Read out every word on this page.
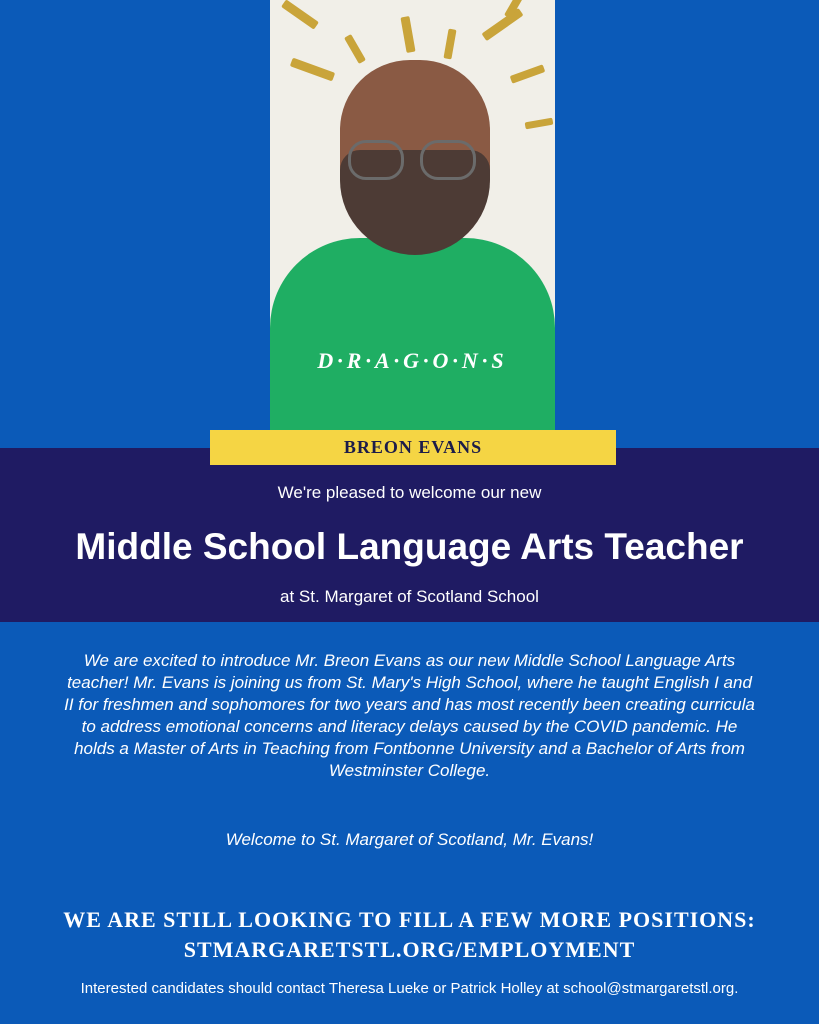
D·R·A·G·O·N·S
BREON EVANS
We're pleased to welcome our new
Middle School Language Arts Teacher
at St. Margaret of Scotland School
We are excited to introduce Mr. Breon Evans as our new Middle School Language Arts teacher! Mr. Evans is joining us from St. Mary's High School, where he taught English I and II for freshmen and sophomores for two years and has most recently been creating curricula to address emotional concerns and literacy delays caused by the COVID pandemic. He holds a Master of Arts in Teaching from Fontbonne University and a Bachelor of Arts from Westminster College.
Welcome to St. Margaret of Scotland, Mr. Evans!
WE ARE STILL LOOKING TO FILL A FEW MORE POSITIONS:
STMARGARETSTL.ORG/EMPLOYMENT
Interested candidates should contact Theresa Lueke or Patrick Holley at school@stmargaretstl.org.
